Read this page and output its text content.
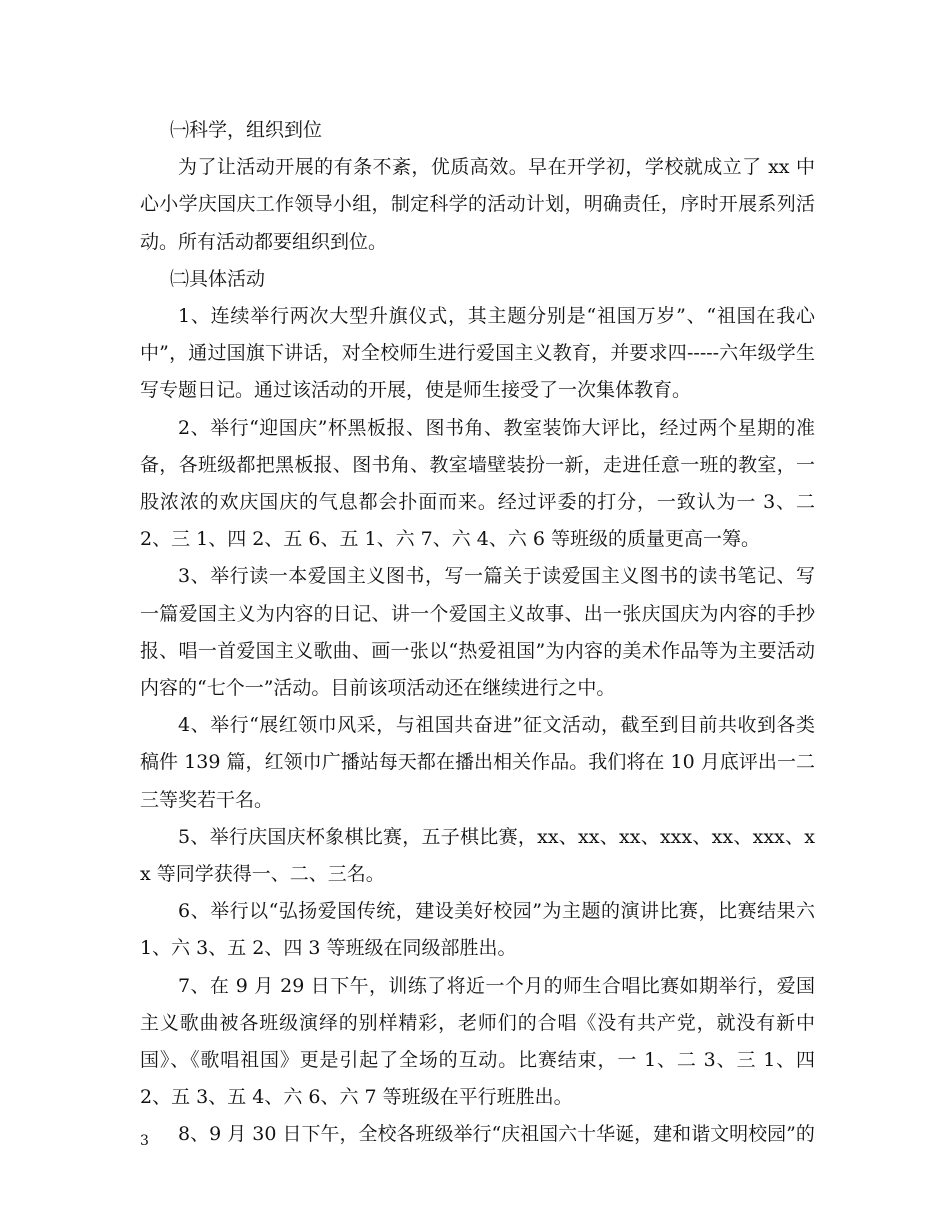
㈠科学，组织到位

为了让活动开展的有条不紊，优质高效。早在开学初，学校就成立了 xx 中心小学庆国庆工作领导小组，制定科学的活动计划，明确责任，序时开展系列活动。所有活动都要组织到位。

㈡具体活动

1、连续举行两次大型升旗仪式，其主题分别是“祖国万岁”、“祖国在我心中”，通过国旗下讲话，对全校师生进行爱国主义教育，并要求四-----六年级学生写专题日记。通过该活动的开展，使是师生接受了一次集体教育。

2、举行“迎国庆”杯黑板报、图书角、教室装饰大评比，经过两个星期的准备，各班级都把黑板报、图书角、教室墙壁装扮一新，走进任意一班的教室，一股浓浓的欢庆国庆的气息都会扑面而来。经过评委的打分，一致认为一 3、二 2、三 1、四 2、五 6、五 1、六 7、六 4、六 6 等班级的质量更高一筹。

3、举行读一本爱国主义图书，写一篇关于读爱国主义图书的读书笔记、写一篇爱国主义为内容的日记、讲一个爱国主义故事、出一张庆国庆为内容的手抄报、唱一首爱国主义歌曲、画一张以“热爱祖国”为内容的美术作品等为主要活动内容的“七个一”活动。目前该项活动还在继续进行之中。

4、举行“展红领巾风采，与祖国共奋进”征文活动，截至到目前共收到各类稿件 139 篇，红领巾广播站每天都在播出相关作品。我们将在 10 月底评出一二三等奖若干名。

5、举行庆国庆杯象棋比赛，五子棋比赛，xx、xx、xx、xxx、xx、xxx、xx 等同学获得一、二、三名。

6、举行以“弘扬爱国传统，建设美好校园”为主题的演讲比赛，比赛结果六 1、六 3、五 2、四 3 等班级在同级部胜出。

7、在 9 月 29 日下午，训练了将近一个月的师生合唱比赛如期举行，爱国主义歌曲被各班级演绎的别样精彩，老师们的合唱《没有共产党，就没有新中国》、《歌唱祖国》更是引起了全场的互动。比赛结束，一 1、二 3、三 1、四 2、五 3、五 4、六 6、六 7 等班级在平行班胜出。

8、9 月 30 日下午，全校各班级举行“庆祖国六十华诞，建和谐文明校园”的

3
